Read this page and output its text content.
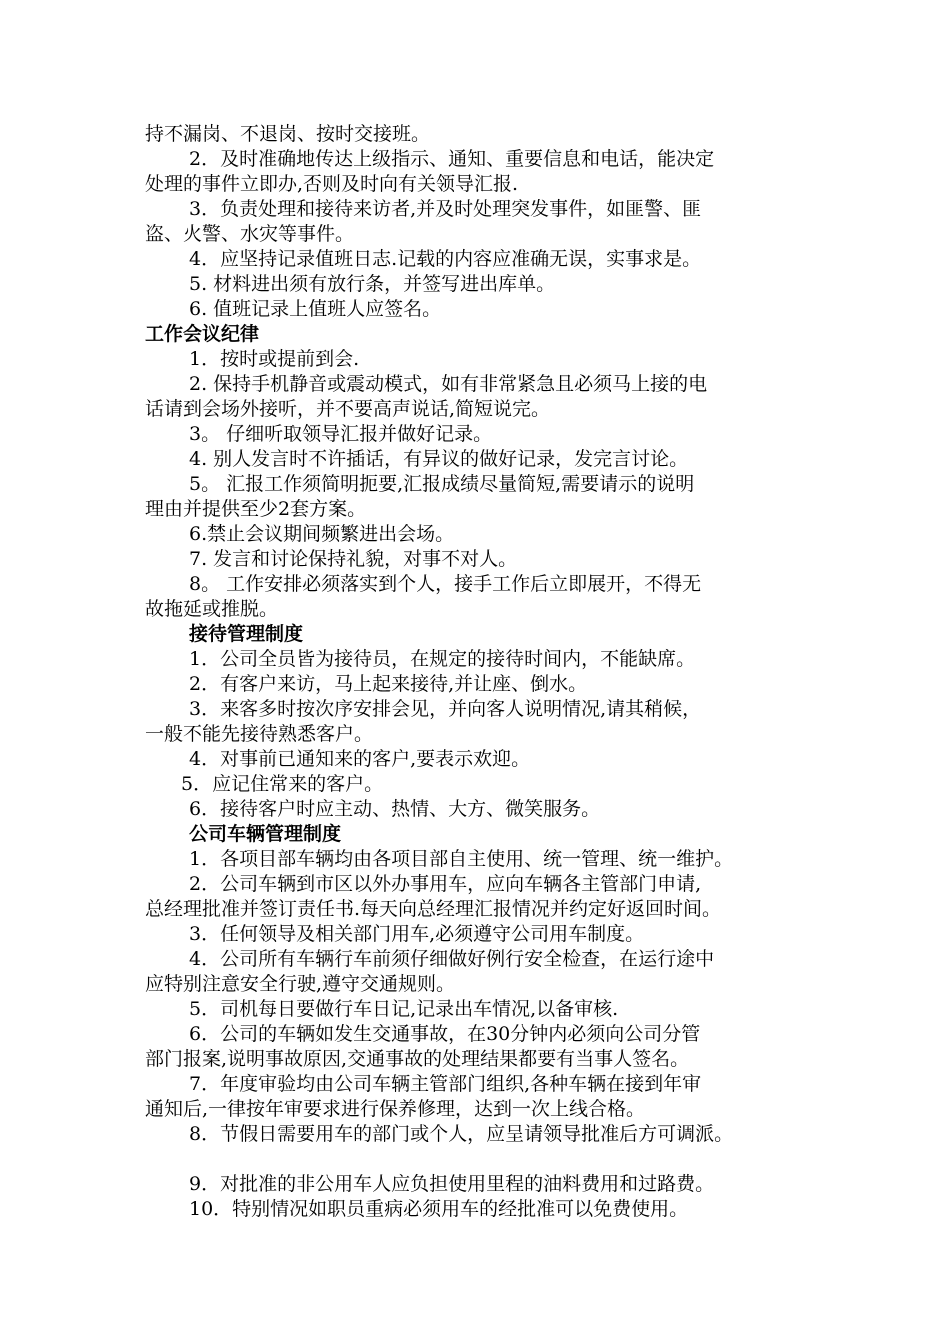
持不漏岗、不退岗、按时交接班。

2．及时准确地传达上级指示、通知、重要信息和电话，能决定

处理的事件立即办,否则及时向有关领导汇报.

3．负责处理和接待来访者,并及时处理突发事件，如匪警、匪

盗、火警、水灾等事件。

4．应坚持记录值班日志.记载的内容应准确无误，实事求是。

5. 材料进出须有放行条，并签写进出库单。

6. 值班记录上值班人应签名。

工作会议纪律

1．按时或提前到会.

2. 保持手机静音或震动模式，如有非常紧急且必须马上接的电

话请到会场外接听，并不要高声说话,简短说完。

3。 仔细听取领导汇报并做好记录。

4. 别人发言时不许插话，有异议的做好记录，发完言讨论。

5。 汇报工作须简明扼要,汇报成绩尽量简短,需要请示的说明

理由并提供至少2套方案。

6.禁止会议期间频繁进出会场。

7. 发言和讨论保持礼貌，对事不对人。

8。 工作安排必须落实到个人，接手工作后立即展开，不得无

故拖延或推脱。

接待管理制度

1．公司全员皆为接待员，在规定的接待时间内，不能缺席。

2．有客户来访，马上起来接待,并让座、倒水。

3．来客多时按次序安排会见，并向客人说明情况,请其稍候，

一般不能先接待熟悉客户。

4．对事前已通知来的客户,要表示欢迎。

5．应记住常来的客户。

6．接待客户时应主动、热情、大方、微笑服务。

公司车辆管理制度

1．各项目部车辆均由各项目部自主使用、统一管理、统一维护。

2．公司车辆到市区以外办事用车，应向车辆各主管部门申请,

总经理批准并签订责任书.每天向总经理汇报情况并约定好返回时间。

3．任何领导及相关部门用车,必须遵守公司用车制度。

4．公司所有车辆行车前须仔细做好例行安全检查，在运行途中

应特别注意安全行驶,遵守交通规则。

5．司机每日要做行车日记,记录出车情况,以备审核.

6．公司的车辆如发生交通事故，在30分钟内必须向公司分管

部门报案,说明事故原因,交通事故的处理结果都要有当事人签名。

7．年度审验均由公司车辆主管部门组织,各种车辆在接到年审

通知后,一律按年审要求进行保养修理，达到一次上线合格。

8．节假日需要用车的部门或个人，应呈请领导批准后方可调派。

9．对批准的非公用车人应负担使用里程的油料费用和过路费。

10．特别情况如职员重病必须用车的经批准可以免费使用。
